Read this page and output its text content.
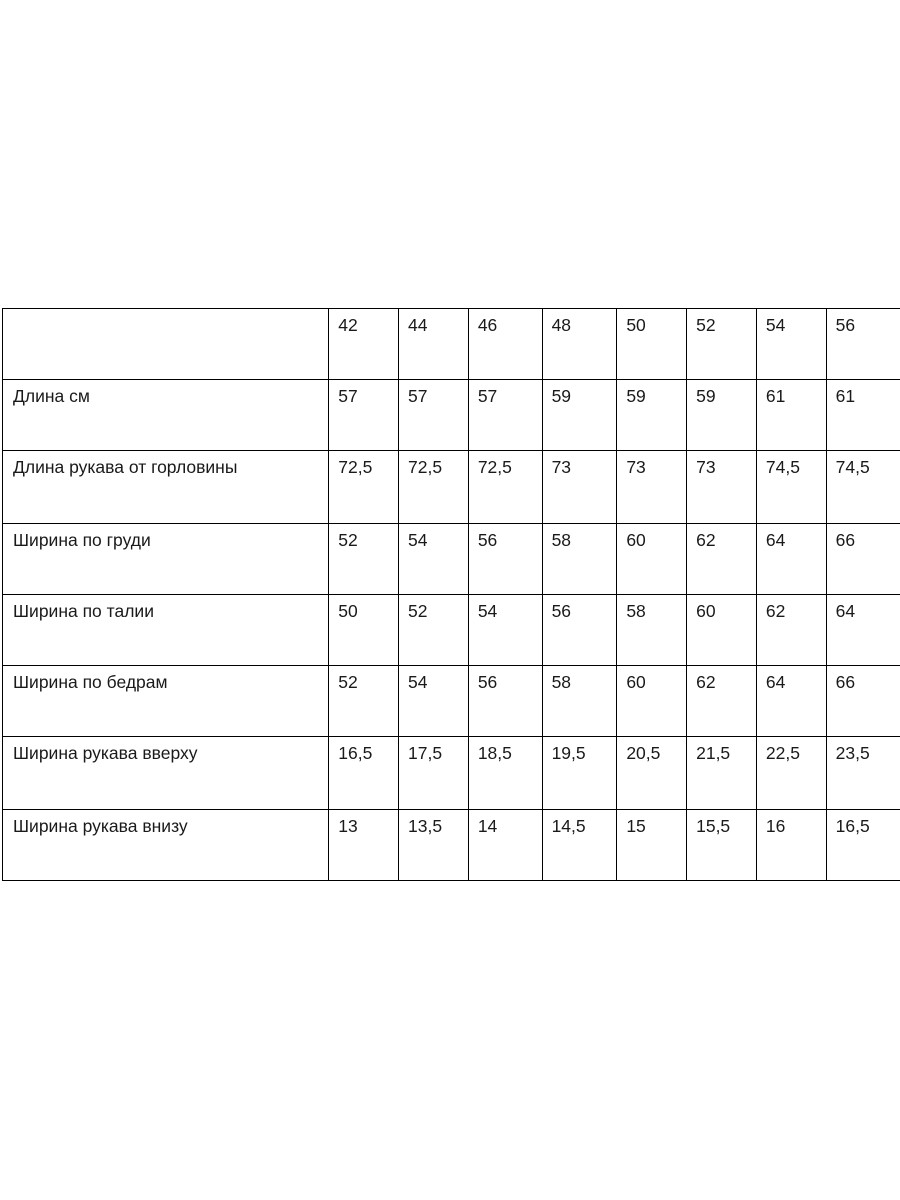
	42	44	46	48	50	52	54	56
Длина см	57	57	57	59	59	59	61	61
Длина рукава от горловины	72,5	72,5	72,5	73	73	73	74,5	74,5
Ширина по груди	52	54	56	58	60	62	64	66
Ширина по талии	50	52	54	56	58	60	62	64
Ширина по бедрам	52	54	56	58	60	62	64	66
Ширина рукава вверху	16,5	17,5	18,5	19,5	20,5	21,5	22,5	23,5
Ширина рукава внизу	13	13,5	14	14,5	15	15,5	16	16,5
